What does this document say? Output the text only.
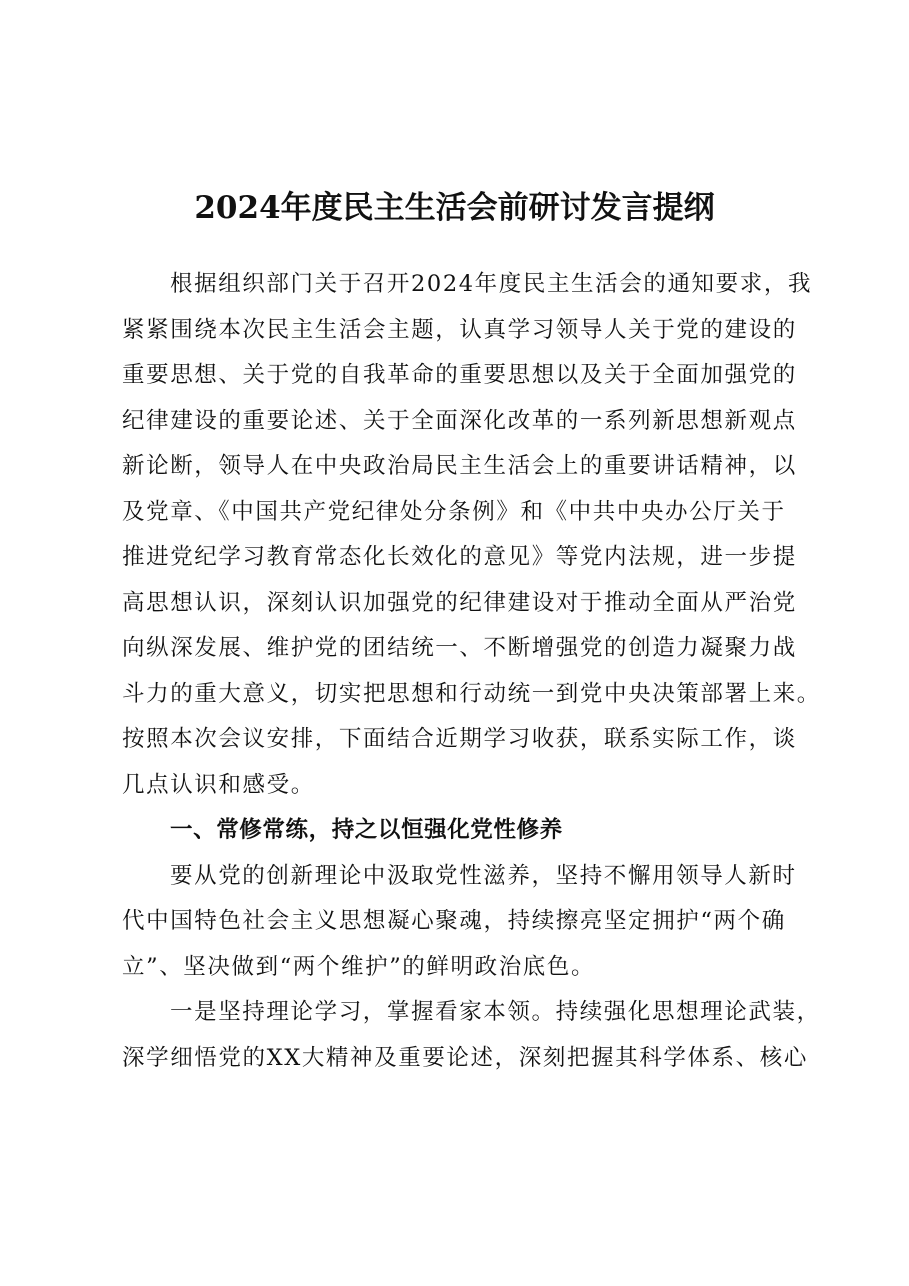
2024年度民主生活会前研讨发言提纲
根据组织部门关于召开2024年度民主生活会的通知要求，我
紧紧围绕本次民主生活会主题，认真学习领导人关于党的建设的
重要思想、关于党的自我革命的重要思想以及关于全面加强党的
纪律建设的重要论述、关于全面深化改革的一系列新思想新观点
新论断，领导人在中央政治局民主生活会上的重要讲话精神，以
及党章、《中国共产党纪律处分条例》和《中共中央办公厅关于
推进党纪学习教育常态化长效化的意见》等党内法规，进一步提
高思想认识，深刻认识加强党的纪律建设对于推动全面从严治党
向纵深发展、维护党的团结统一、不断增强党的创造力凝聚力战
斗力的重大意义，切实把思想和行动统一到党中央决策部署上来。
按照本次会议安排，下面结合近期学习收获，联系实际工作，谈
几点认识和感受。
一、常修常练，持之以恒强化党性修养
要从党的创新理论中汲取党性滋养，坚持不懈用领导人新时
代中国特色社会主义思想凝心聚魂，持续擦亮坚定拥护“两个确
立”、坚决做到“两个维护”的鲜明政治底色。
一是坚持理论学习，掌握看家本领。持续强化思想理论武装，
深学细悟党的XX大精神及重要论述，深刻把握其科学体系、核心
